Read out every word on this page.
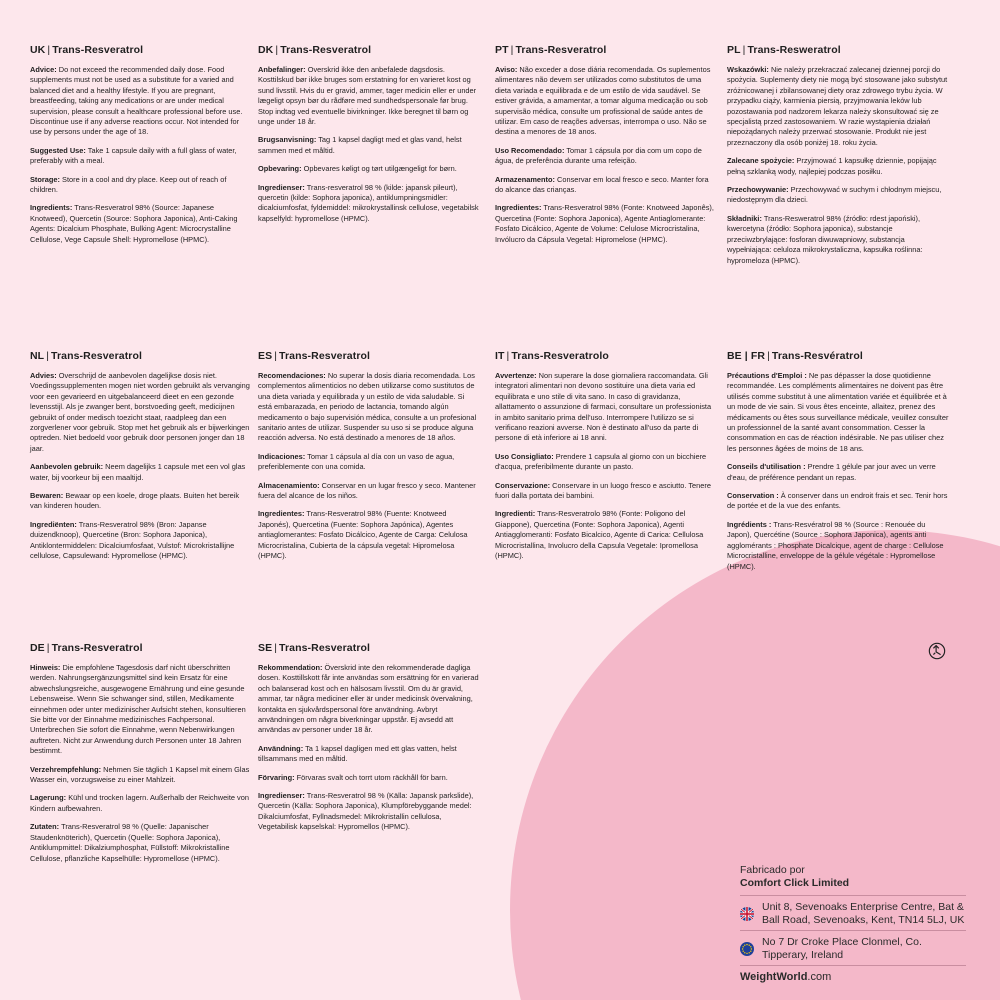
UK | Trans-Resveratrol

Advice: Do not exceed the recommended daily dose. Food supplements must not be used as a substitute for a varied and balanced diet and a healthy lifestyle. If you are pregnant, breastfeeding, taking any medications or are under medical supervision, please consult a healthcare professional before use. Discontinue use if any adverse reactions occur. Not intended for use by persons under the age of 18.

Suggested Use: Take 1 capsule daily with a full glass of water, preferably with a meal.

Storage: Store in a cool and dry place. Keep out of reach of children.

Ingredients: Trans-Resveratrol 98% (Source: Japanese Knotweed), Quercetin (Source: Sophora Japonica), Anti-Caking Agents: Dicalcium Phosphate, Bulking Agent: Microcrystalline Cellulose, Vege Capsule Shell: Hypromellose (HPMC).

DK | Trans-Resveratrol

Anbefalinger: Overskrid ikke den anbefalede dagsdosis. Kosttilskud bør ikke bruges som erstatning for en varieret kost og sund livsstil. Hvis du er gravid, ammer, tager medicin eller er under lægeligt opsyn bør du rådføre med sundhedspersonale før brug. Stop indtag ved eventuelle bivirkninger. Ikke beregnet til børn og unge under 18 år.

Brugsanvisning: Tag 1 kapsel dagligt med et glas vand, helst sammen med et måltid.

Opbevaring: Opbevares køligt og tørt utilgængeligt for børn.

Ingredienser: Trans-resveratrol 98 % (kilde: japansk pileurt), quercetin (kilde: Sophora japonica), antiklumpningsmidler: dicalciumfosfat, fyldemiddel: mikrokrystallinsk cellulose, vegetabilsk kapselfyld: hypromellose (HPMC).

PT | Trans-Resveratrol

Aviso: Não exceder a dose diária recomendada. Os suplementos alimentares não devem ser utilizados como substitutos de uma dieta variada e equilibrada e de um estilo de vida saudável. Se estiver grávida, a amamentar, a tomar alguma medicação ou sob supervisão médica, consulte um profissional de saúde antes de utilizar. Em caso de reações adversas, interrompa o uso. Não se destina a menores de 18 anos.

Uso Recomendado: Tomar 1 cápsula por dia com um copo de água, de preferência durante uma refeição.

Armazenamento: Conservar em local fresco e seco. Manter fora do alcance das crianças.

Ingredientes: Trans-Resveratrol 98% (Fonte: Knotweed Japonês), Quercetina (Fonte: Sophora Japonica), Agente Antiaglomerante: Fosfato Dicálcico, Agente de Volume: Celulose Microcristalina, Invólucro da Cápsula Vegetal: Hipromelose (HPMC).

PL | Trans-Resweratrol

Wskazówki: Nie należy przekraczać zalecanej dziennej porcji do spożycia. Suplementy diety nie mogą być stosowane jako substytut zróżnicowanej i zbilansowanej diety oraz zdrowego trybu życia. W przypadku ciąży, karmienia piersią, przyjmowania leków lub pozostawania pod nadzorem lekarza należy skonsultować się ze specjalistą przed zastosowaniem. W razie wystąpienia działań niepożądanych należy przerwać stosowanie. Produkt nie jest przeznaczony dla osób poniżej 18. roku życia.

Zalecane spożycie: Przyjmować 1 kapsułkę dziennie, popijając pełną szklanką wody, najlepiej podczas posiłku.

Przechowywanie: Przechowywać w suchym i chłodnym miejscu, niedostępnym dla dzieci.

Składniki: Trans-Resweratrol 98% (źródło: rdest japoński), kwercetyna (źródło: Sophora japonica), substancje przeciwzbrylające: fosforan diwuwapniowy, substancja wypełniająca: celuloza mikrokrystaliczna, kapsułka roślinna: hypromeloza (HPMC).

NL | Trans-Resveratrol

Advies: Overschrijd de aanbevolen dagelijkse dosis niet. Voedingssupplementen mogen niet worden gebruikt als vervanging voor een gevarieerd en uitgebalanceerd dieet en een gezonde levensstijl. Als je zwanger bent, borstvoeding geeft, medicijnen gebruikt of onder medisch toezicht staat, raadpleeg dan een zorgverlener voor gebruik. Stop met het gebruik als er bijwerkingen optreden. Niet bedoeld voor gebruik door personen jonger dan 18 jaar.

Aanbevolen gebruik: Neem dagelijks 1 capsule met een vol glas water, bij voorkeur bij een maaltijd.

Bewaren: Bewaar op een koele, droge plaats. Buiten het bereik van kinderen houden.

Ingrediënten: Trans-Resveratrol 98% (Bron: Japanse duizendknoop), Quercetine (Bron: Sophora Japonica), Antiklontermiddelen: Dicalciumfosfaat, Vulstof: Microkristallijne cellulose, Capsulewand: Hypromellose (HPMC).

ES | Trans-Resveratrol

Recomendaciones: No superar la dosis diaria recomendada. Los complementos alimenticios no deben utilizarse como sustitutos de una dieta variada y equilibrada y un estilo de vida saludable. Si está embarazada, en periodo de lactancia, tomando algún medicamento o bajo supervisión médica, consulte a un profesional sanitario antes de utilizar. Suspender su uso si se produce alguna reacción adversa. No está destinado a menores de 18 años.

Indicaciones: Tomar 1 cápsula al día con un vaso de agua, preferiblemente con una comida.

Almacenamiento: Conservar en un lugar fresco y seco. Mantener fuera del alcance de los niños.

Ingredientes: Trans-Resveratrol 98% (Fuente: Knotweed Japonés), Quercetina (Fuente: Sophora Japónica), Agentes antiaglomerantes: Fosfato Dicálcico, Agente de Carga: Celulosa Microcristalina, Cubierta de la cápsula vegetal: Hipromelosa (HPMC).

IT | Trans-Resveratrolo

Avvertenze: Non superare la dose giornaliera raccomandata. Gli integratori alimentari non devono sostituire una dieta varia ed equilibrata e uno stile di vita sano. In caso di gravidanza, allattamento o assunzione di farmaci, consultare un professionista in ambito sanitario prima dell'uso. Interrompere l'utilizzo se si verificano reazioni avverse. Non è destinato all'uso da parte di persone di età inferiore ai 18 anni.

Uso Consigliato: Prendere 1 capsula al giorno con un bicchiere d'acqua, preferibilmente durante un pasto.

Conservazione: Conservare in un luogo fresco e asciutto. Tenere fuori dalla portata dei bambini.

Ingredienti: Trans-Resveratrolo 98% (Fonte: Poligono del Giappone), Quercetina (Fonte: Sophora Japonica), Agenti Antiagglomeranti: Fosfato Bicalcico, Agente di Carica: Cellulosa Microcristallina, Involucro della Capsula Vegetale: Ipromellosa (HPMC).

BE | FR | Trans-Resvératrol

Précautions d'Emploi : Ne pas dépasser la dose quotidienne recommandée. Les compléments alimentaires ne doivent pas être utilisés comme substitut à une alimentation variée et équilibrée et à un mode de vie sain. Si vous êtes enceinte, allaitez, prenez des médicaments ou êtes sous surveillance médicale, veuillez consulter un professionnel de la santé avant consommation. Cesser la consommation en cas de réaction indésirable. Ne pas utiliser chez les personnes âgées de moins de 18 ans.

Conseils d'utilisation : Prendre 1 gélule par jour avec un verre d'eau, de préférence pendant un repas.

Conservation : À conserver dans un endroit frais et sec. Tenir hors de portée et de la vue des enfants.

Ingrédients : Trans-Resvératrol 98 % (Source : Renouée du Japon), Quercétine (Source : Sophora Japonica), agents anti agglomérants : Phosphate Dicalcique, agent de charge : Cellulose Microcristalline, enveloppe de la gélule végétale : Hypromellose (HPMC).

DE | Trans-Resveratrol

Hinweis: Die empfohlene Tagesdosis darf nicht überschritten werden. Nahrungsergänzungsmittel sind kein Ersatz für eine abwechslungsreiche, ausgewogene Ernährung und eine gesunde Lebensweise. Wenn Sie schwanger sind, stillen, Medikamente einnehmen oder unter medizinischer Aufsicht stehen, konsultieren Sie bitte vor der Einnahme medizinisches Fachpersonal. Unterbrechen Sie sofort die Einnahme, wenn Nebenwirkungen auftreten. Nicht zur Anwendung durch Personen unter 18 Jahren bestimmt.

Verzehrempfehlung: Nehmen Sie täglich 1 Kapsel mit einem Glas Wasser ein, vorzugsweise zu einer Mahlzeit.

Lagerung: Kühl und trocken lagern. Außerhalb der Reichweite von Kindern aufbewahren.

Zutaten: Trans-Resveratrol 98 % (Quelle: Japanischer Staudenknöterich), Quercetin (Quelle: Sophora Japonica), Antiklumpmittel: Dikalziumphosphat, Füllstoff: Mikrokristalline Cellulose, pflanzliche Kapselhülle: Hypromellose (HPMC).

SE | Trans-Resveratrol

Rekommendation: Överskrid inte den rekommenderade dagliga dosen. Kosttillskott får inte användas som ersättning för en varierad och balanserad kost och en hälsosam livsstil. Om du är gravid, ammar, tar några mediciner eller är under medicinsk övervakning, kontakta en sjukvårdspersonal före användning. Avbryt användningen om några biverkningar uppstår. Ej avsedd att användas av personer under 18 år.

Användning: Ta 1 kapsel dagligen med ett glas vatten, helst tillsammans med en måltid.

Förvaring: Förvaras svalt och torrt utom räckhåll för barn.

Ingredienser: Trans-Resveratrol 98 % (Källa: Japansk parkslide), Quercetin (Källa: Sophora Japonica), Klumpförebyggande medel: Dikalciumfosfat, Fyllnadsmedel: Mikrokristallin cellulosa, Vegetabilisk kapselskal: Hypromellos (HPMC).

Fabricado por
Comfort Click Limited
Unit 8, Sevenoaks Enterprise Centre, Bat & Ball Road, Sevenoaks, Kent, TN14 5LJ, UK
No 7 Dr Croke Place Clonmel, Co. Tipperary, Ireland
WeightWorld.com
